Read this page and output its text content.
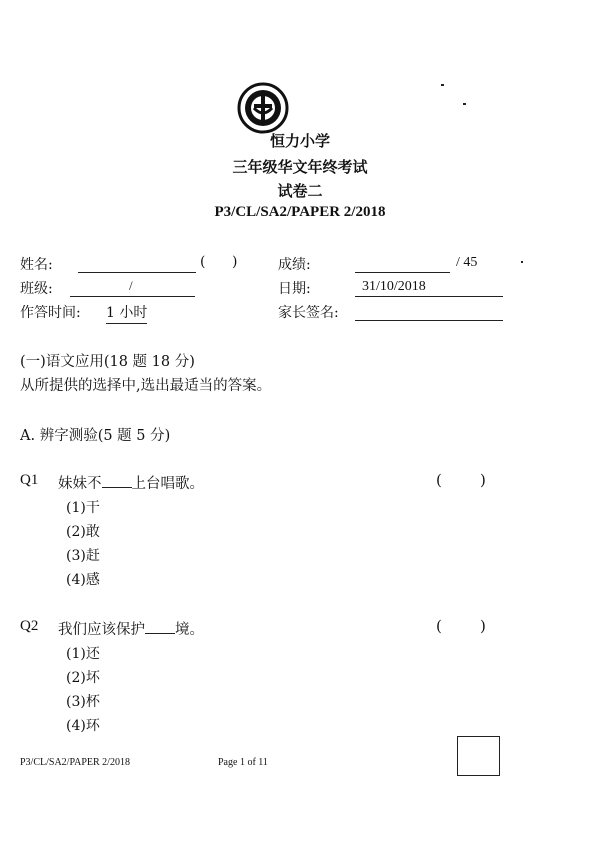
恒力小学
三年级华文年终考试
试卷二
P3/CL/SA2/PAPER 2/2018
姓名:	( )
班级:	/
作答时间: 1 小时
成绩:	/ 45
日期:	31/10/2018
家长签名:
(一)语文应用(18 题 18 分)
从所提供的选择中,选出最适当的答案。
A. 辨字测验(5 题 5 分)
Q1 妹妹不 上台唱歌。	(        )
(1)干
(2)敢
(3)赶
(4)感
Q2 我们应该保护 境。	(        )
(1)还
(2)坏
(3)杯
(4)环
P3/CL/SA2/PAPER 2/2018	Page 1 of 11
